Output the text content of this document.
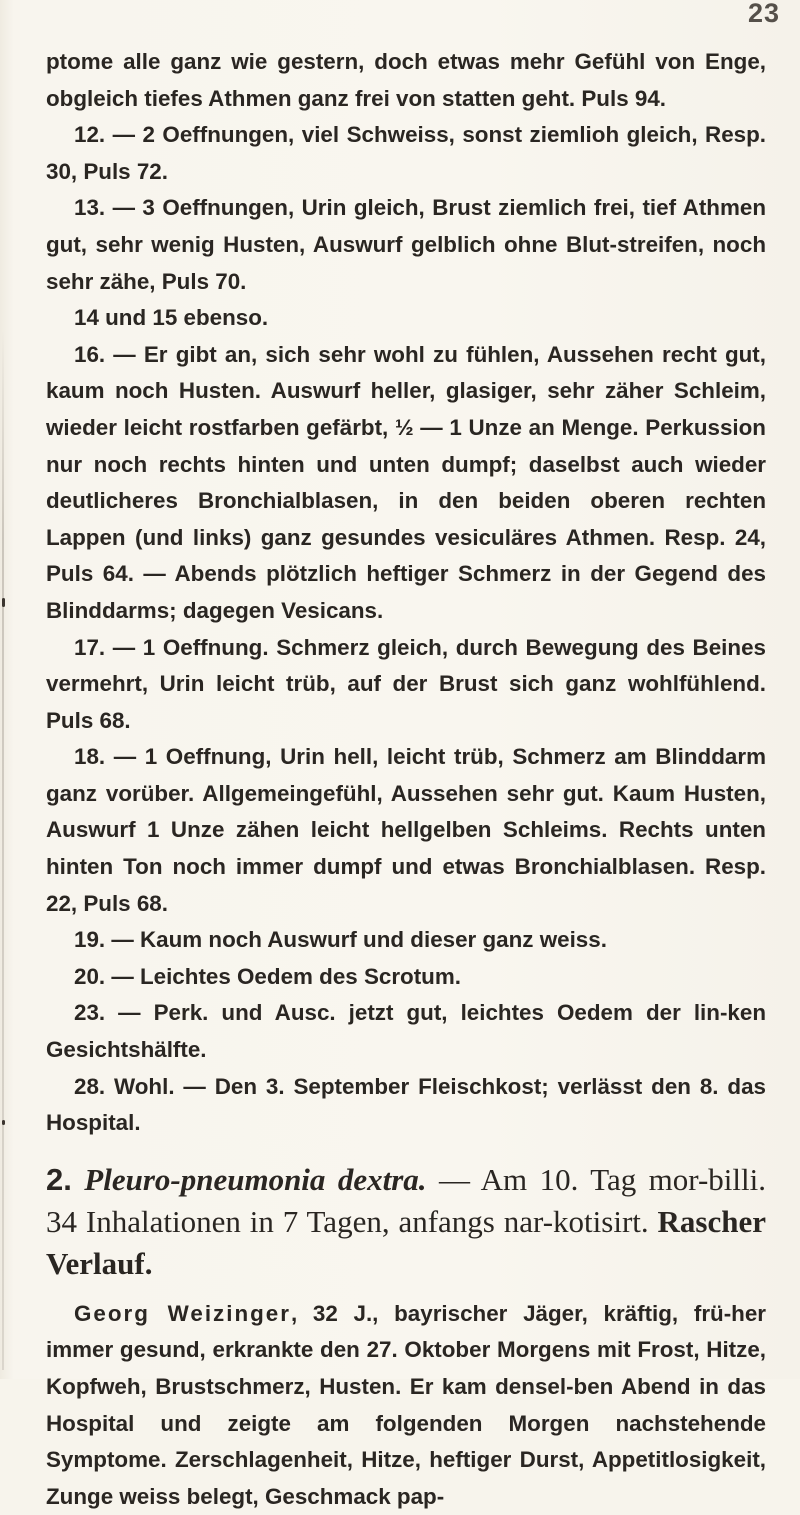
23

ptome alle ganz wie gestern, doch etwas mehr Gefühl von Enge, obgleich tiefes Athmen ganz frei von statten geht. Puls 94.

12. — 2 Oeffnungen, viel Schweiss, sonst ziemlioh gleich, Resp. 30, Puls 72.

13. — 3 Oeffnungen, Urin gleich, Brust ziemlich frei, tief Athmen gut, sehr wenig Husten, Auswurf gelblich ohne Blut-streifen, noch sehr zähe, Puls 70.

14 und 15 ebenso.

16. — Er gibt an, sich sehr wohl zu fühlen, Aussehen recht gut, kaum noch Husten. Auswurf heller, glasiger, sehr zäher Schleim, wieder leicht rostfarben gefärbt, ½ — 1 Unze an Menge. Perkussion nur noch rechts hinten und unten dumpf; daselbst auch wieder deutlicheres Bronchialblasen, in den beiden oberen rechten Lappen (und links) ganz gesundes vesiculäres Athmen. Resp. 24, Puls 64. — Abends plötzlich heftiger Schmerz in der Gegend des Blinddarms; dagegen Vesicans.

17. — 1 Oeffnung. Schmerz gleich, durch Bewegung des Beines vermehrt, Urin leicht trüb, auf der Brust sich ganz wohlfühlend. Puls 68.

18. — 1 Oeffnung, Urin hell, leicht trüb, Schmerz am Blinddarm ganz vorüber. Allgemeingefühl, Aussehen sehr gut. Kaum Husten, Auswurf 1 Unze zähen leicht hellgelben Schleims. Rechts unten hinten Ton noch immer dumpf und etwas Bronchialblasen. Resp. 22, Puls 68.

19. — Kaum noch Auswurf und dieser ganz weiss.

20. — Leichtes Oedem des Scrotum.

23. — Perk. und Ausc. jetzt gut, leichtes Oedem der lin-ken Gesichtshälfte.

28. Wohl. — Den 3. September Fleischkost; verlässt den 8. das Hospital.

2. Pleuro-pneumonia dextra. — Am 10. Tag mor-billi. 34 Inhalationen in 7 Tagen, anfangs nar-kotisirt. Rascher Verlauf.

Georg Weizinger, 32 J., bayrischer Jäger, kräftig, frü-her immer gesund, erkrankte den 27. Oktober Morgens mit Frost, Hitze, Kopfweh, Brustschmerz, Husten. Er kam densel-ben Abend in das Hospital und zeigte am folgenden Morgen nachstehende Symptome. Zerschlagenheit, Hitze, heftiger Durst, Appetitlosigkeit, Zunge weiss belegt, Geschmack pap-
